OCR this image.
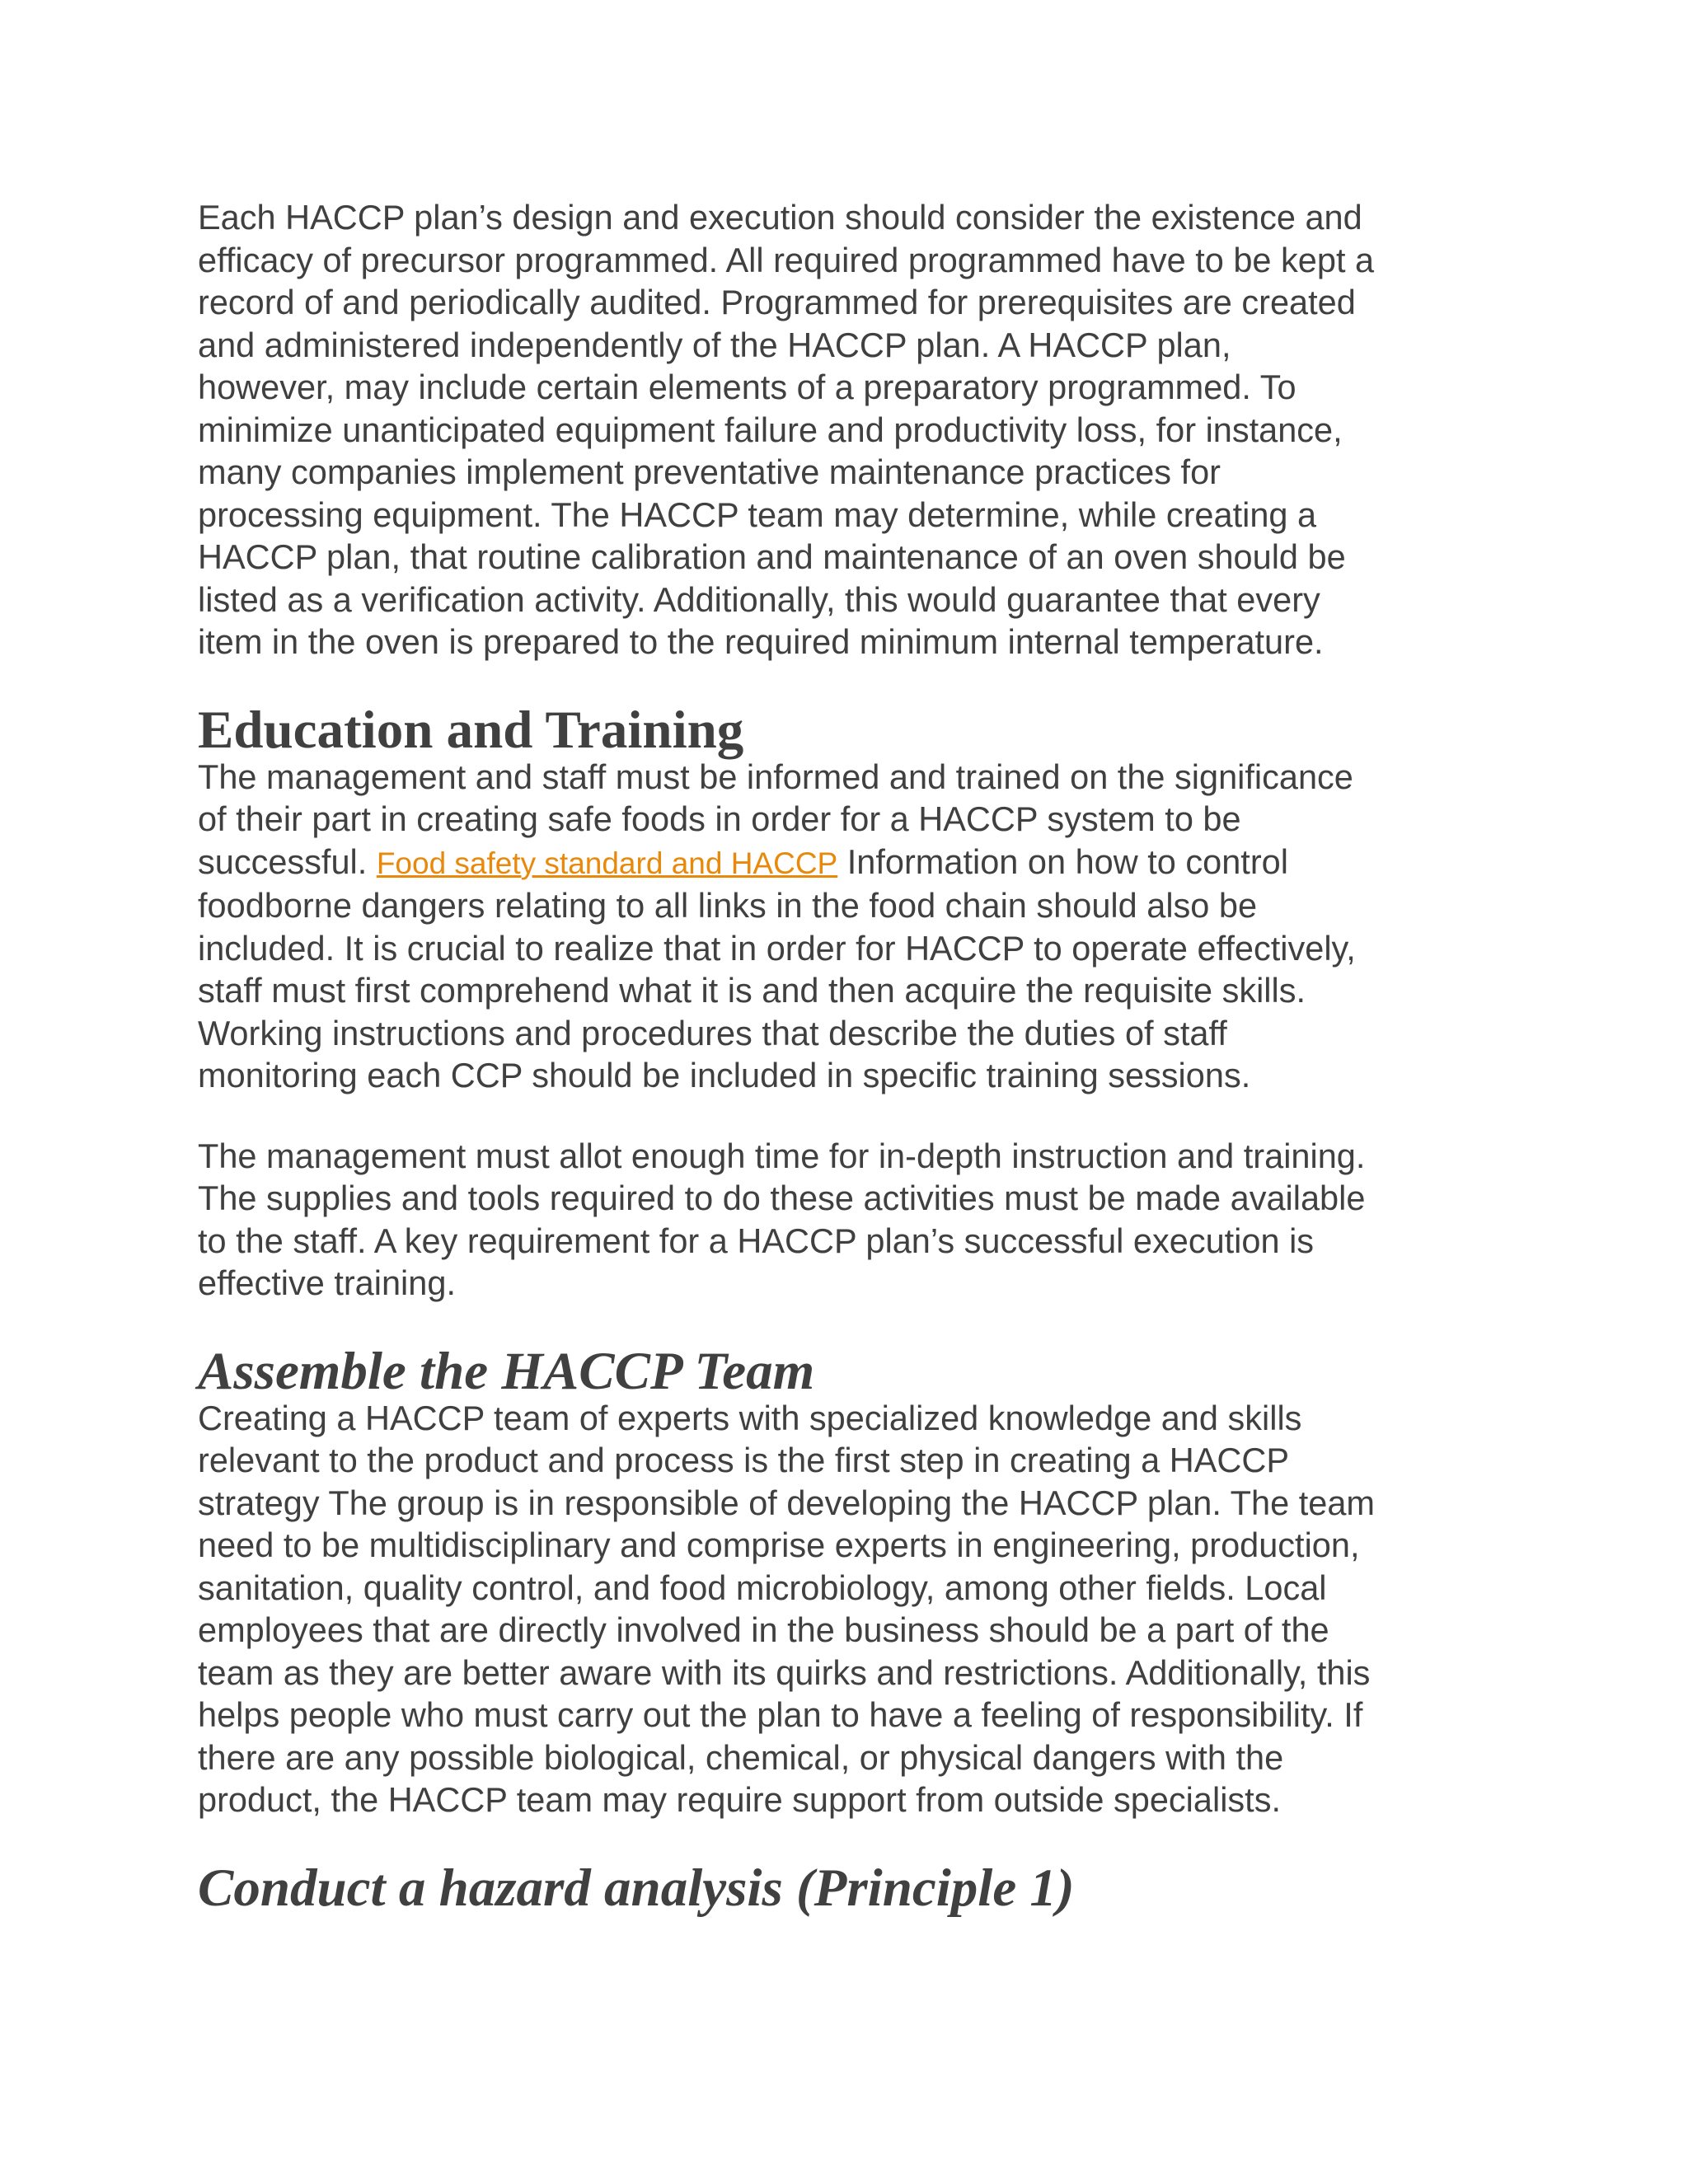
Each HACCP plan’s design and execution should consider the existence and
efficacy of precursor programmed. All required programmed have to be kept a
record of and periodically audited. Programmed for prerequisites are created
and administered independently of the HACCP plan. A HACCP plan,
however, may include certain elements of a preparatory programmed. To
minimize unanticipated equipment failure and productivity loss, for instance,
many companies implement preventative maintenance practices for
processing equipment. The HACCP team may determine, while creating a
HACCP plan, that routine calibration and maintenance of an oven should be
listed as a verification activity. Additionally, this would guarantee that every
item in the oven is prepared to the required minimum internal temperature.

Education and Training

The management and staff must be informed and trained on the significance
of their part in creating safe foods in order for a HACCP system to be
successful. Food safety standard and HACCP Information on how to control
foodborne dangers relating to all links in the food chain should also be
included. It is crucial to realize that in order for HACCP to operate effectively,
staff must first comprehend what it is and then acquire the requisite skills.
Working instructions and procedures that describe the duties of staff
monitoring each CCP should be included in specific training sessions.

The management must allot enough time for in-depth instruction and training.
The supplies and tools required to do these activities must be made available
to the staff. A key requirement for a HACCP plan’s successful execution is
effective training.

Assemble the HACCP Team

Creating a HACCP team of experts with specialized knowledge and skills
relevant to the product and process is the first step in creating a HACCP
strategy The group is in responsible of developing the HACCP plan. The team
need to be multidisciplinary and comprise experts in engineering, production,
sanitation, quality control, and food microbiology, among other fields. Local
employees that are directly involved in the business should be a part of the
team as they are better aware with its quirks and restrictions. Additionally, this
helps people who must carry out the plan to have a feeling of responsibility. If
there are any possible biological, chemical, or physical dangers with the
product, the HACCP team may require support from outside specialists.

Conduct a hazard analysis (Principle 1)
